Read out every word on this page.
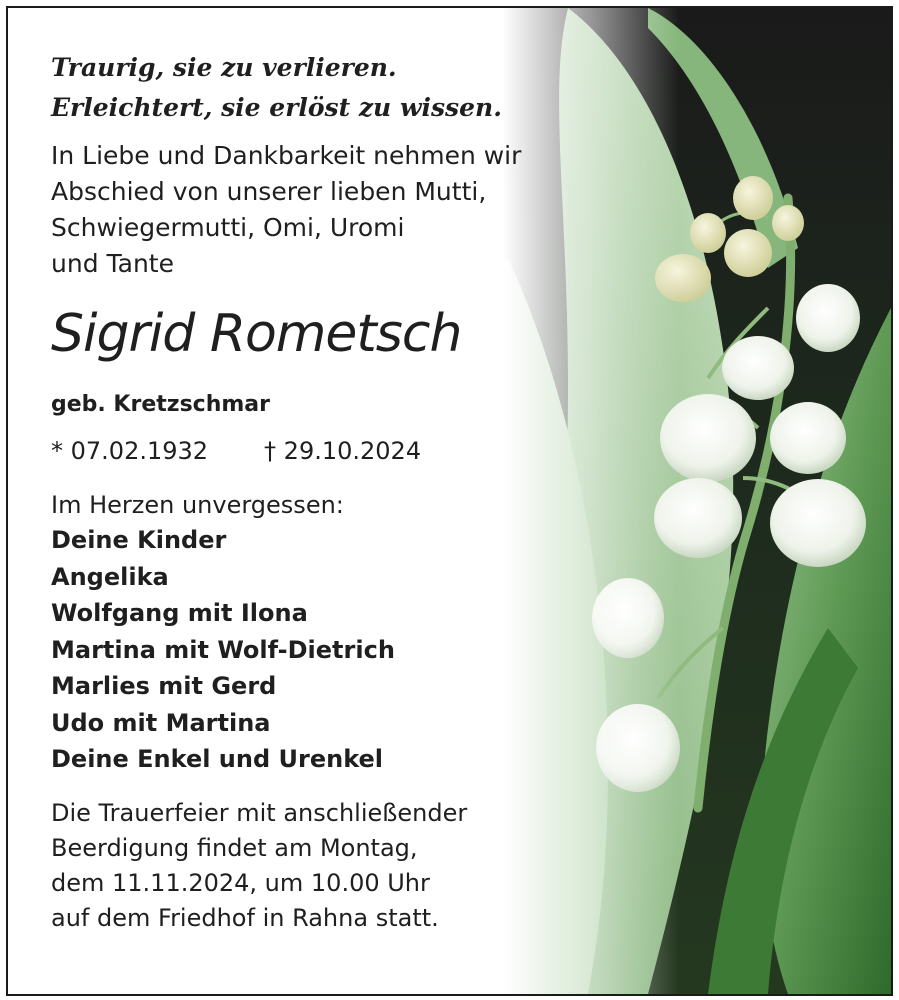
Traurig, sie zu verlieren.
Erleichtert, sie erlöst zu wissen.
In Liebe und Dankbarkeit nehmen wir
Abschied von unserer lieben Mutti,
Schwiegermutti, Omi, Uromi
und Tante
Sigrid Rometsch
geb. Kretzschmar
* 07.02.1932 † 29.10.2024
Im Herzen unvergessen:
Deine Kinder
Angelika
Wolfgang mit Ilona
Martina mit Wolf-Dietrich
Marlies mit Gerd
Udo mit Martina
Deine Enkel und Urenkel
Die Trauerfeier mit anschließender
Beerdigung findet am Montag,
dem 11.11.2024, um 10.00 Uhr
auf dem Friedhof in Rahna statt.
